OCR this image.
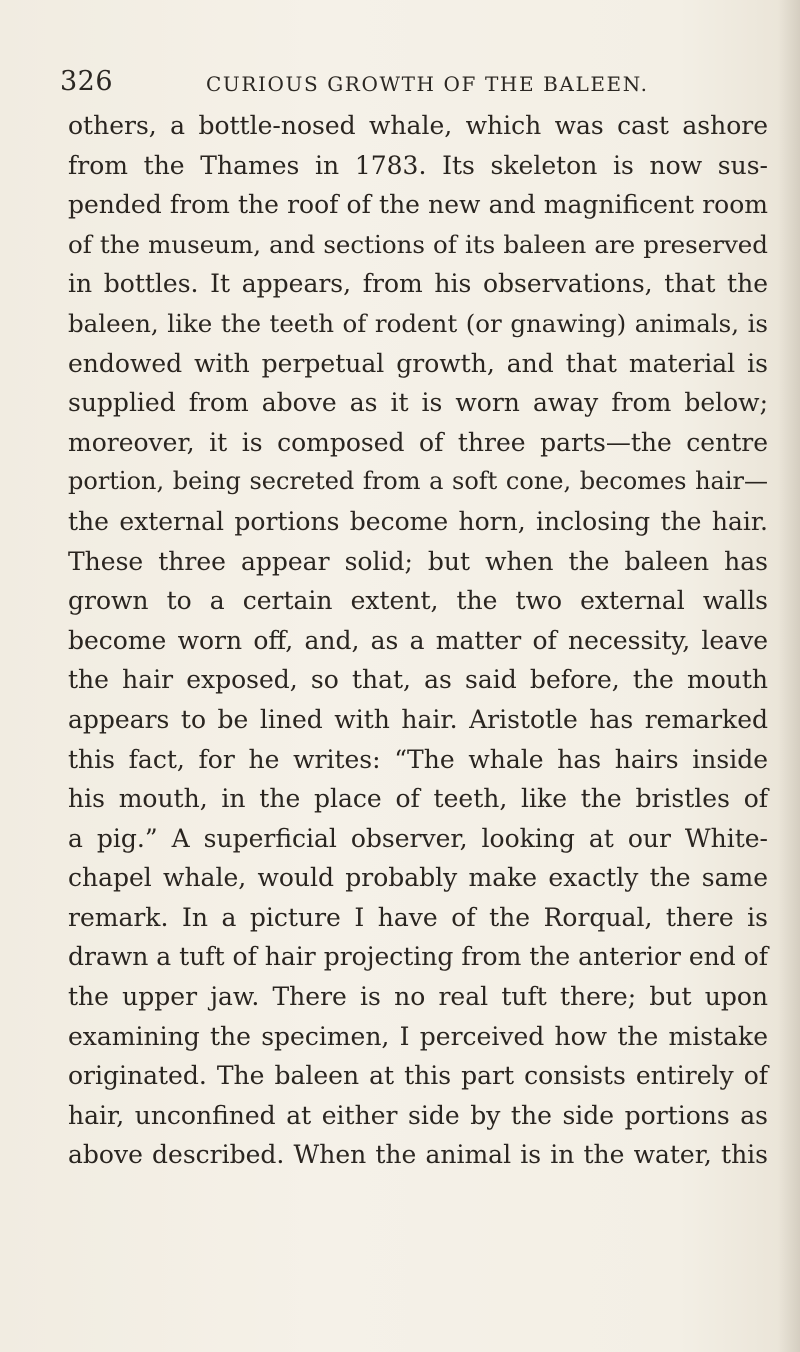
326	CURIOUS GROWTH OF THE BALEEN.
others, a bottle-nosed whale, which was cast ashore
from the Thames in 1783. Its skeleton is now sus-
pended from the roof of the new and magnificent room
of the museum, and sections of its baleen are preserved
in bottles. It appears, from his observations, that the
baleen, like the teeth of rodent (or gnawing) animals, is
endowed with perpetual growth, and that material is
supplied from above as it is worn away from below;
moreover, it is composed of three parts—the centre
portion, being secreted from a soft cone, becomes hair—
the external portions become horn, inclosing the hair.
These three appear solid; but when the baleen has
grown to a certain extent, the two external walls
become worn off, and, as a matter of necessity, leave
the hair exposed, so that, as said before, the mouth
appears to be lined with hair. Aristotle has remarked
this fact, for he writes: “The whale has hairs inside
his mouth, in the place of teeth, like the bristles of
a pig.” A superficial observer, looking at our White-
chapel whale, would probably make exactly the same
remark. In a picture I have of the Rorqual, there is
drawn a tuft of hair projecting from the anterior end of
the upper jaw. There is no real tuft there; but upon
examining the specimen, I perceived how the mistake
originated. The baleen at this part consists entirely of
hair, unconfined at either side by the side portions as
above described. When the animal is in the water, this
